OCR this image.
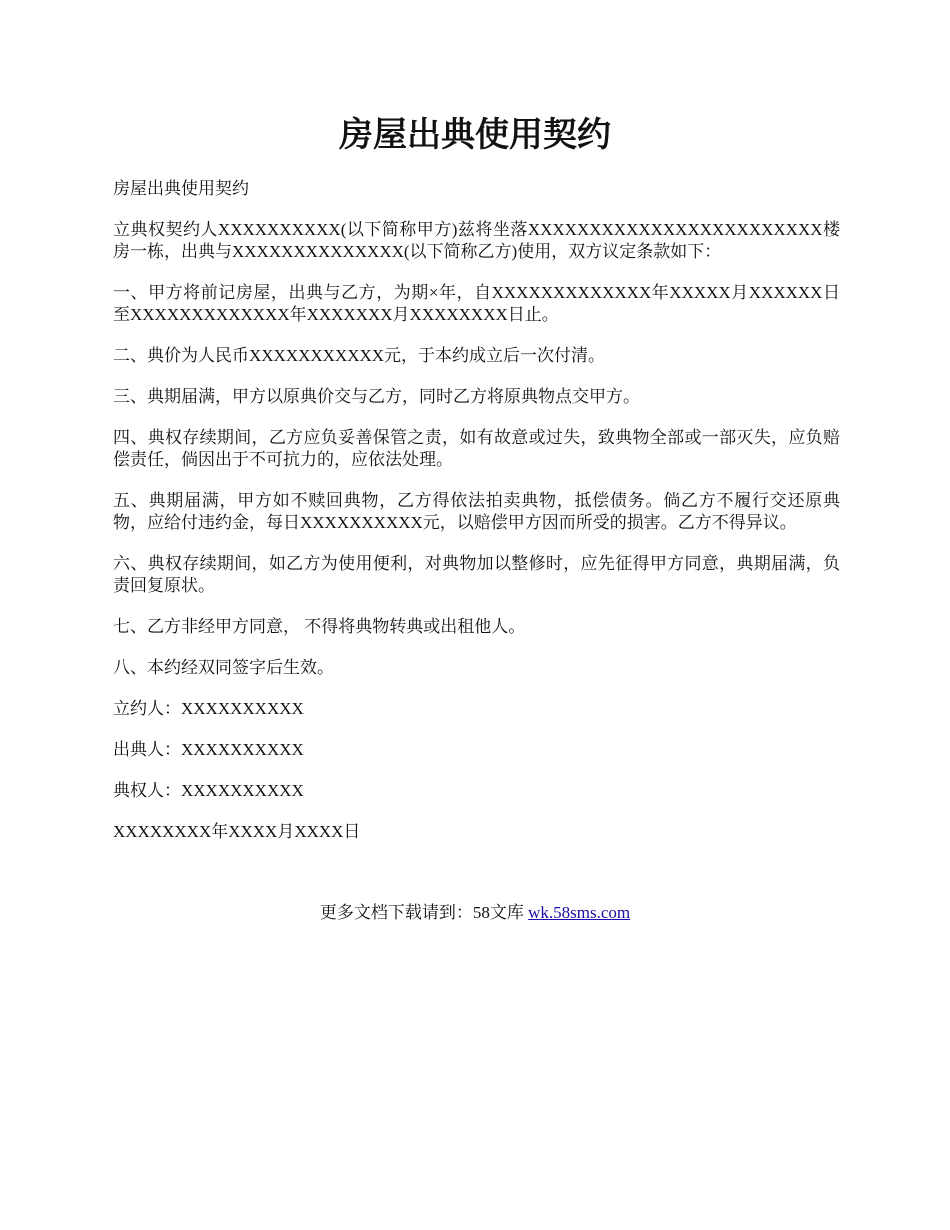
房屋出典使用契约

房屋出典使用契约

立典权契约人XXXXXXXXXX(以下简称甲方)兹将坐落XXXXXXXXXXXXXXXXXXXXXXXX楼房一栋，出典与XXXXXXXXXXXXXX(以下简称乙方)使用，双方议定条款如下：

一、甲方将前记房屋，出典与乙方，为期×年，自XXXXXXXXXXXXX年XXXXX月XXXXXX日至XXXXXXXXXXXXX年XXXXXXX月XXXXXXXX日止。

二、典价为人民币XXXXXXXXXXX元，于本约成立后一次付清。

三、典期届满，甲方以原典价交与乙方，同时乙方将原典物点交甲方。

四、典权存续期间，乙方应负妥善保管之责，如有故意或过失，致典物全部或一部灭失，应负赔偿责任，倘因出于不可抗力的，应依法处理。

五、典期届满，甲方如不赎回典物，乙方得依法拍卖典物，抵偿债务。倘乙方不履行交还原典物，应给付违约金，每日XXXXXXXXXX元，以赔偿甲方因而所受的损害。乙方不得异议。

六、典权存续期间，如乙方为使用便利，对典物加以整修时，应先征得甲方同意，典期届满，负责回复原状。

七、乙方非经甲方同意， 不得将典物转典或出租他人。

八、本约经双同签字后生效。

立约人：XXXXXXXXXX

出典人：XXXXXXXXXX

典权人：XXXXXXXXXX

XXXXXXXX年XXXX月XXXX日

更多文档下载请到：58文库 wk.58sms.com
